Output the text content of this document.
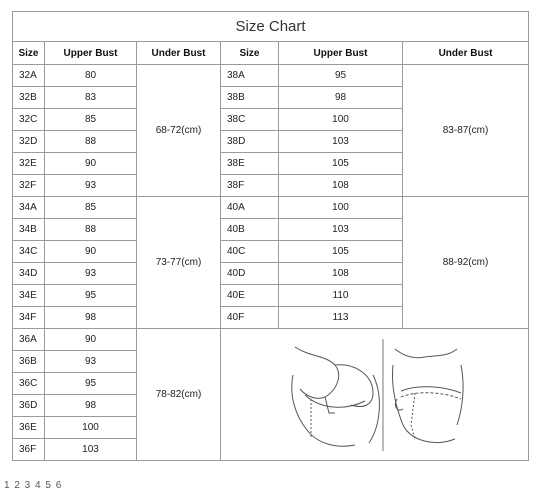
Size Chart					
Size	Upper Bust	Under Bust	Size	Upper Bust	Under Bust
32A	80	68-72(cm)	38A	95	83-87(cm)
32B	83		38B	98	
32C	85		38C	100	
32D	88		38D	103	
32E	90		38E	105	
32F	93		38F	108	
34A	85	73-77(cm)	40A	100	88-92(cm)
34B	88		40B	103	
34C	90		40C	105	
34D	93		40D	108	
34E	95		40E	110	
34F	98		40F	113	
36A	90	78-82(cm)	

36B	93				
36C	95				
36D	98				
36E	100				
36F	103				
1 2 3 4 5 6
